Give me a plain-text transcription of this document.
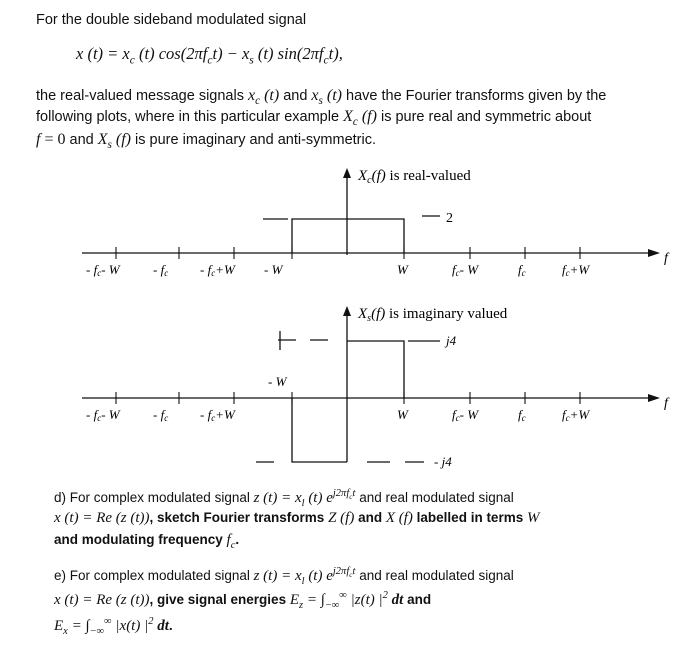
For the double sideband modulated signal
x $(t) = x_c$ (t) $\cos(2\pi f_ct) - x_s$ (t) $\sin(2\pi f_ct)$,
the real-valued message signals $x_c$ (t) and $x_s$ (t) have the Fourier transforms given by the
following plots, where in this particular example $X_c$ (f) is pure real and symmetric about
f = 0 and $X_s$ (f) is pure imaginary and anti-symmetric.
$X_c(f)$ is real-valued
2
f
- fc- W	- fc - fc+W - W	W	fc- W	fc	fc+W
$X_s(f)$ is imaginary valued
j4
- j4
- W
f
- fc- W	- fc - fc+W	W	fc- W	fc	fc+W
d) For complex modulated signal z $(t) = x_l$ (t) $e^{j2\pi f_ct}$ and real modulated signal
x (t) = Re (z (t)), sketch Fourier transforms Z (f) and X (f) labelled in terms W
and modulating frequency $f_c$.
e) For complex modulated signal z $(t) = x_l$ (t) $e^{j2\pi f_ct}$ and real modulated signal
x (t) = Re (z (t)), give signal energies $E_z = \int_{-\infty}^\infty$ |z(t) $|^2$ dt and
$E_x = \int_{-\infty}^\infty$ |x(t) $|^2$ dt.
